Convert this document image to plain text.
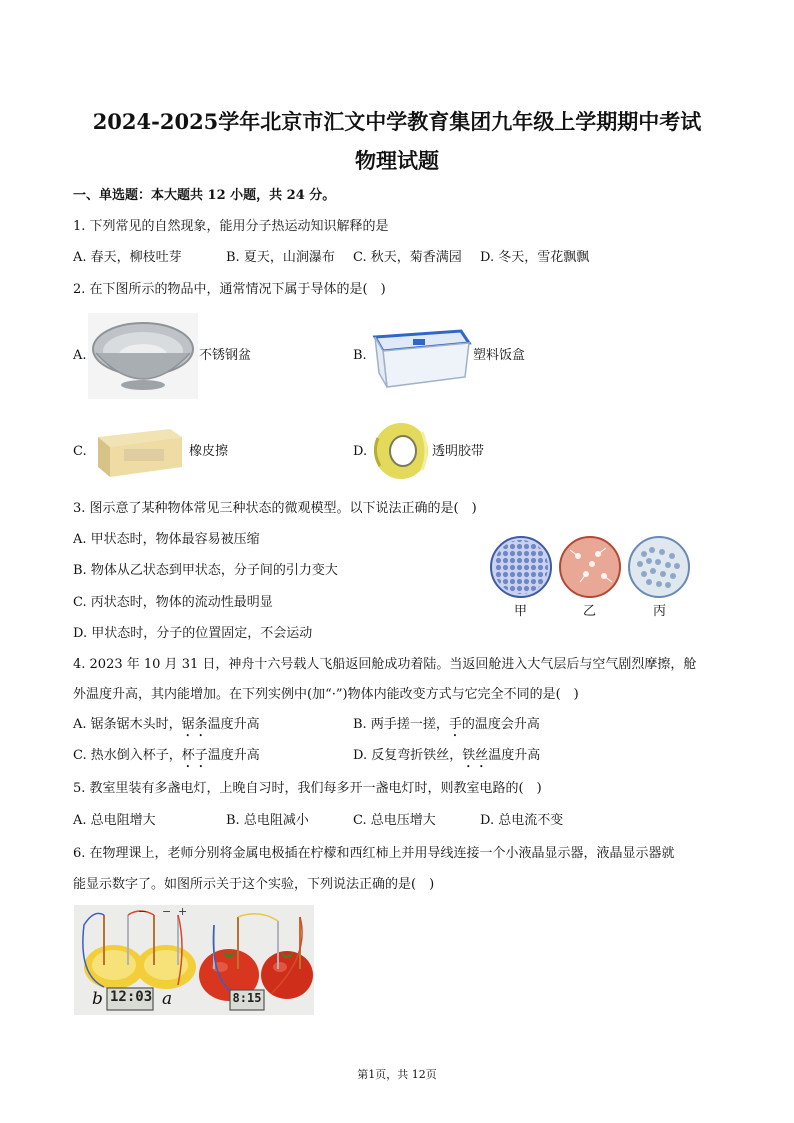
2024-2025学年北京市汇文中学教育集团九年级上学期期中考试
物理试题
一、单选题：本大题共 12 小题，共 24 分。
1. 下列常见的自然现象，能用分子热运动知识解释的是
A. 春天，柳枝吐芽	B. 夏天，山涧瀑布 C. 秋天，菊香满园 D. 冬天，雪花飘飘
2. 在下图所示的物品中，通常情况下属于导体的是(　)
A.	不锈钢盆	B.	塑料饭盒
C.	橡皮擦	D.	透明胶带
3. 图示意了某种物体常见三种状态的微观模型。以下说法正确的是(　)
A. 甲状态时，物体最容易被压缩
B. 物体从乙状态到甲状态，分子间的引力变大
C. 丙状态时，物体的流动性最明显
D. 甲状态时，分子的位置固定，不会运动
甲	乙	丙
4. 2023 年 10 月 31 日，神舟十六号载人飞船返回舱成功着陆。当返回舱进入大气层后与空气剧烈摩擦，舱
外温度升高，其内能增加。在下列实例中(加“·”)物体内能改变方式与它完全不同的是(　)
A. 锯条锯木头时，锯条温度升高	B. 两手搓一搓，手的温度会升高
C. 热水倒入杯子，杯子温度升高	D. 反复弯折铁丝，铁丝温度升高
5. 教室里装有多盏电灯，上晚自习时，我们每多开一盏电灯时，则教室电路的(　)
A. 总电阻增大	B. 总电阻减小	C. 总电压增大	D. 总电流不变
6. 在物理课上，老师分别将金属电极插在柠檬和西红柿上并用导线连接一个小液晶显示器，液晶显示器就
能显示数字了。如图所示关于这个实验，下列说法正确的是(　)
12:03	8:15
b	a
− − +
第1页，共 12页
